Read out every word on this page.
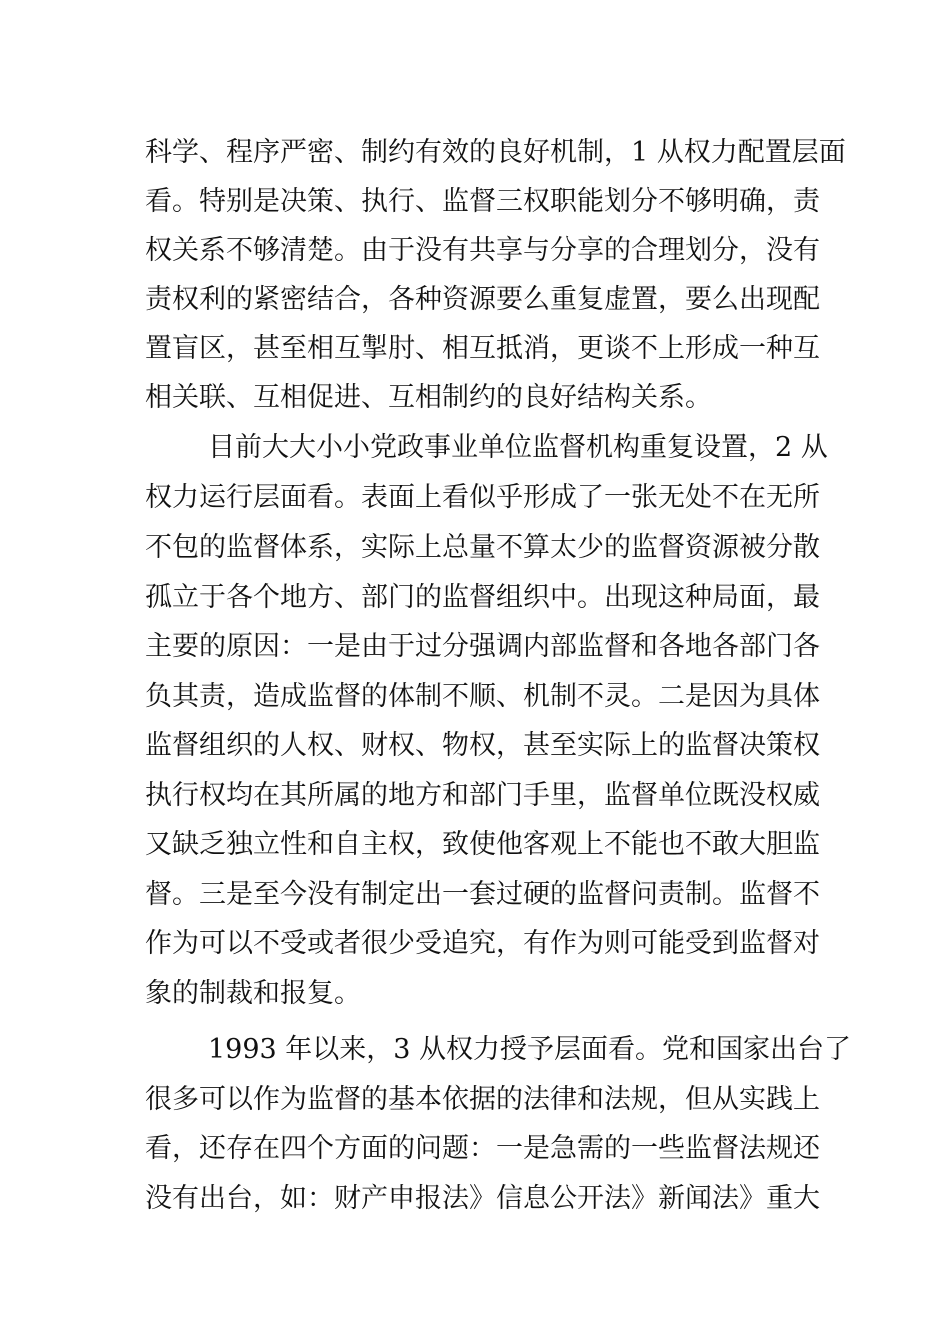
科学、程序严密、制约有效的良好机制，1 从权力配置层面
看。特别是决策、执行、监督三权职能划分不够明确，责
权关系不够清楚。由于没有共享与分享的合理划分，没有
责权利的紧密结合，各种资源要么重复虚置，要么出现配
置盲区，甚至相互掣肘、相互抵消，更谈不上形成一种互
相关联、互相促进、互相制约的良好结构关系。
目前大大小小党政事业单位监督机构重复设置，2 从
权力运行层面看。表面上看似乎形成了一张无处不在无所
不包的监督体系，实际上总量不算太少的监督资源被分散
孤立于各个地方、部门的监督组织中。出现这种局面，最
主要的原因：一是由于过分强调内部监督和各地各部门各
负其责，造成监督的体制不顺、机制不灵。二是因为具体
监督组织的人权、财权、物权，甚至实际上的监督决策权
执行权均在其所属的地方和部门手里，监督单位既没权威
又缺乏独立性和自主权，致使他客观上不能也不敢大胆监
督。三是至今没有制定出一套过硬的监督问责制。监督不
作为可以不受或者很少受追究，有作为则可能受到监督对
象的制裁和报复。
1993 年以来，3 从权力授予层面看。党和国家出台了
很多可以作为监督的基本依据的法律和法规，但从实践上
看，还存在四个方面的问题：一是急需的一些监督法规还
没有出台，如：财产申报法》信息公开法》新闻法》重大
